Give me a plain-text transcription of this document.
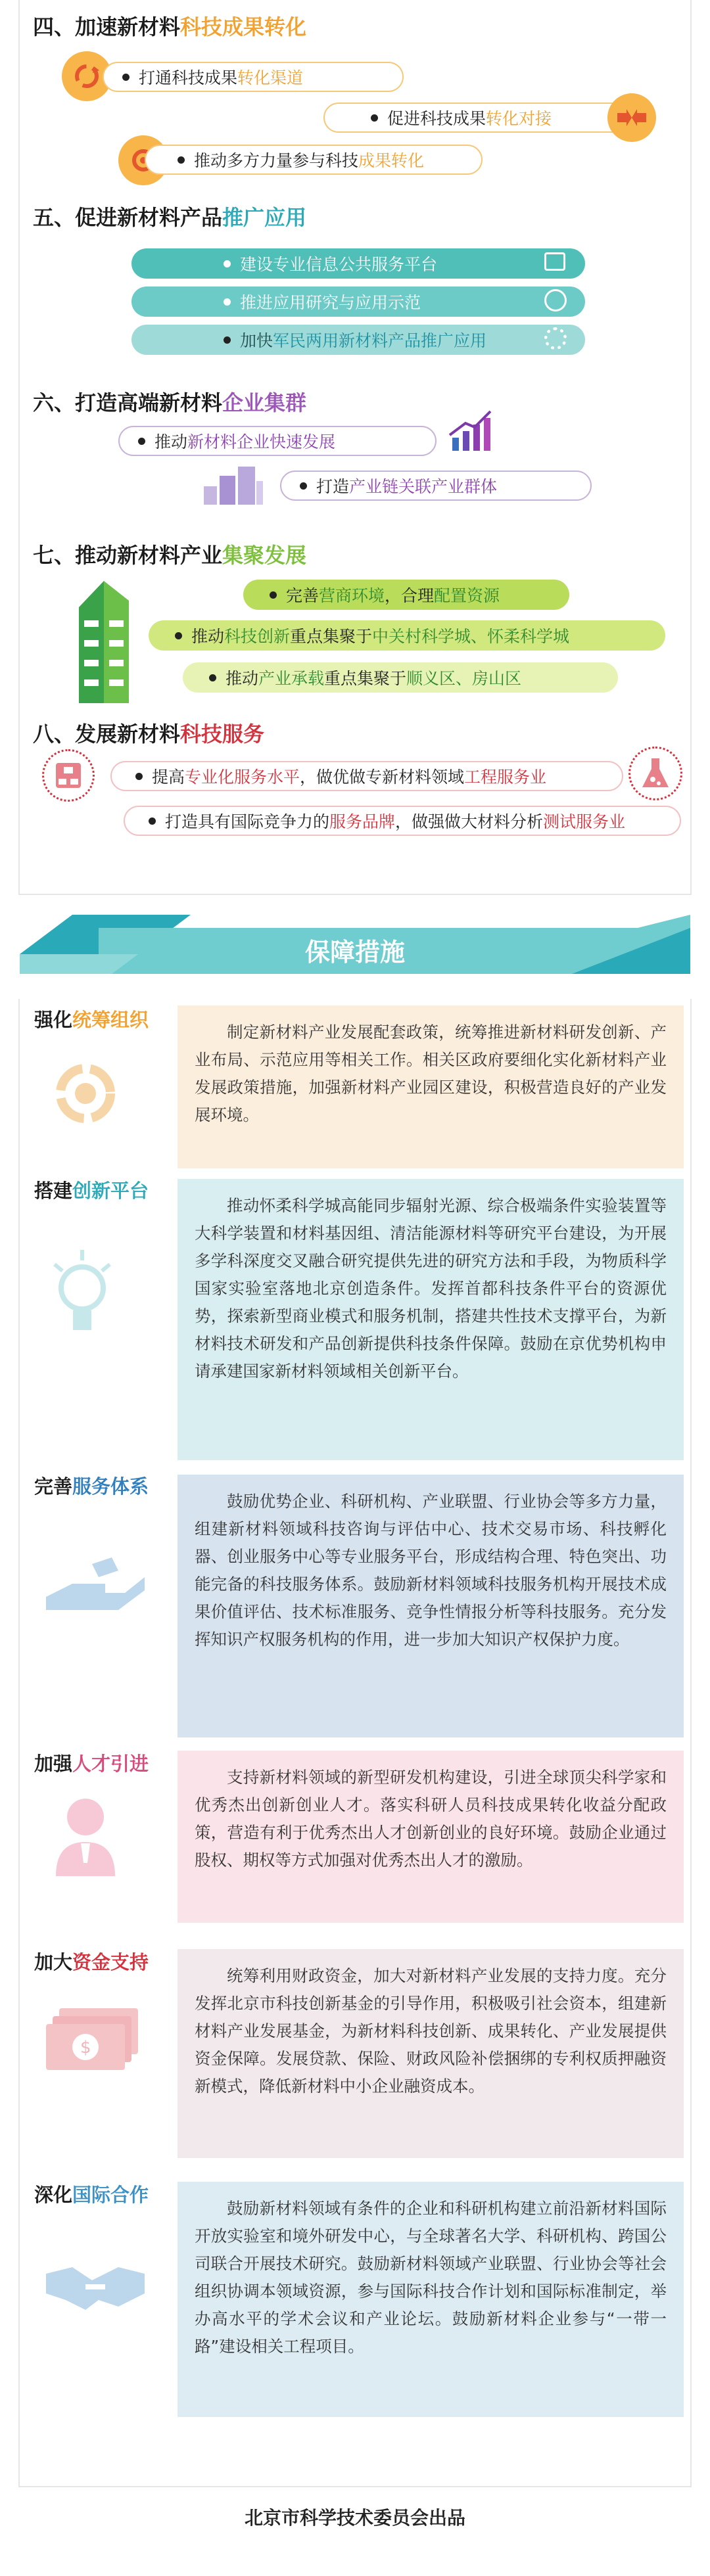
四、加速新材料科技成果转化
打通科技成果 转化渠道
促进科技成果 转化对接
推动多方力量参与科技 成果转化
五、促进新材料产品推广应用
建设 专业信息公共服务平台
推进 应用研究与应用示范
加快 军民两用新材料产品推广应用
六、打造高端新材料企业集群
推动 新材料企业快速发展
打造 产业链关联产业群体
七、推动新材料产业集聚发展
完善 营商环境 ，合理 配置资源
推动 科技创新 重点集聚于 中关村科学城、怀柔科学城
推动 产业承载 重点集聚于 顺义区、房山区
八、发展新材料科技服务
提高 专业化服务水平 ，做优做专新材料领域 工程服务业
打造具有国际竞争力的 服务品牌 ，做强做大材料分析 测试服务业
保障措施
强化统筹组织
制定新材料产业发展配套政策，统筹推进新材料研发创新、产业布局、示范应用等相关工作。相关区政府要细化实化新材料产业发展政策措施，加强新材料产业园区建设，积极营造良好的产业发展环境。
搭建创新平台
推动怀柔科学城高能同步辐射光源、综合极端条件实验装置等大科学装置和材料基因组、清洁能源材料等研究平台建设，为开展多学科深度交叉融合研究提供先进的研究方法和手段，为物质科学国家实验室落地北京创造条件。发挥首都科技条件平台的资源优势，探索新型商业模式和服务机制，搭建共性技术支撑平台，为新材料技术研发和产品创新提供科技条件保障。鼓励在京优势机构申请承建国家新材料领域相关创新平台。
完善服务体系
鼓励优势企业、科研机构、产业联盟、行业协会等多方力量，组建新材料领域科技咨询与评估中心、技术交易市场、科技孵化器、创业服务中心等专业服务平台，形成结构合理、特色突出、功能完备的科技服务体系。鼓励新材料领域科技服务机构开展技术成果价值评估、技术标准服务、竞争性情报分析等科技服务。充分发挥知识产权服务机构的作用，进一步加大知识产权保护力度。
加强人才引进
支持新材料领域的新型研发机构建设，引进全球顶尖科学家和优秀杰出创新创业人才。落实科研人员科技成果转化收益分配政策，营造有利于优秀杰出人才创新创业的良好环境。鼓励企业通过股权、期权等方式加强对优秀杰出人才的激励。
加大资金支持
$
统筹利用财政资金，加大对新材料产业发展的支持力度。充分发挥北京市科技创新基金的引导作用，积极吸引社会资本，组建新材料产业发展基金，为新材料科技创新、成果转化、产业发展提供资金保障。发展贷款、保险、财政风险补偿捆绑的专利权质押融资新模式，降低新材料中小企业融资成本。
深化国际合作
鼓励新材料领域有条件的企业和科研机构建立前沿新材料国际开放实验室和境外研发中心，与全球著名大学、科研机构、跨国公司联合开展技术研究。鼓励新材料领域产业联盟、行业协会等社会组织协调本领域资源，参与国际科技合作计划和国际标准制定，举办高水平的学术会议和产业论坛。鼓励新材料企业参与“一带一路”建设相关工程项目。
北京市科学技术委员会出品
